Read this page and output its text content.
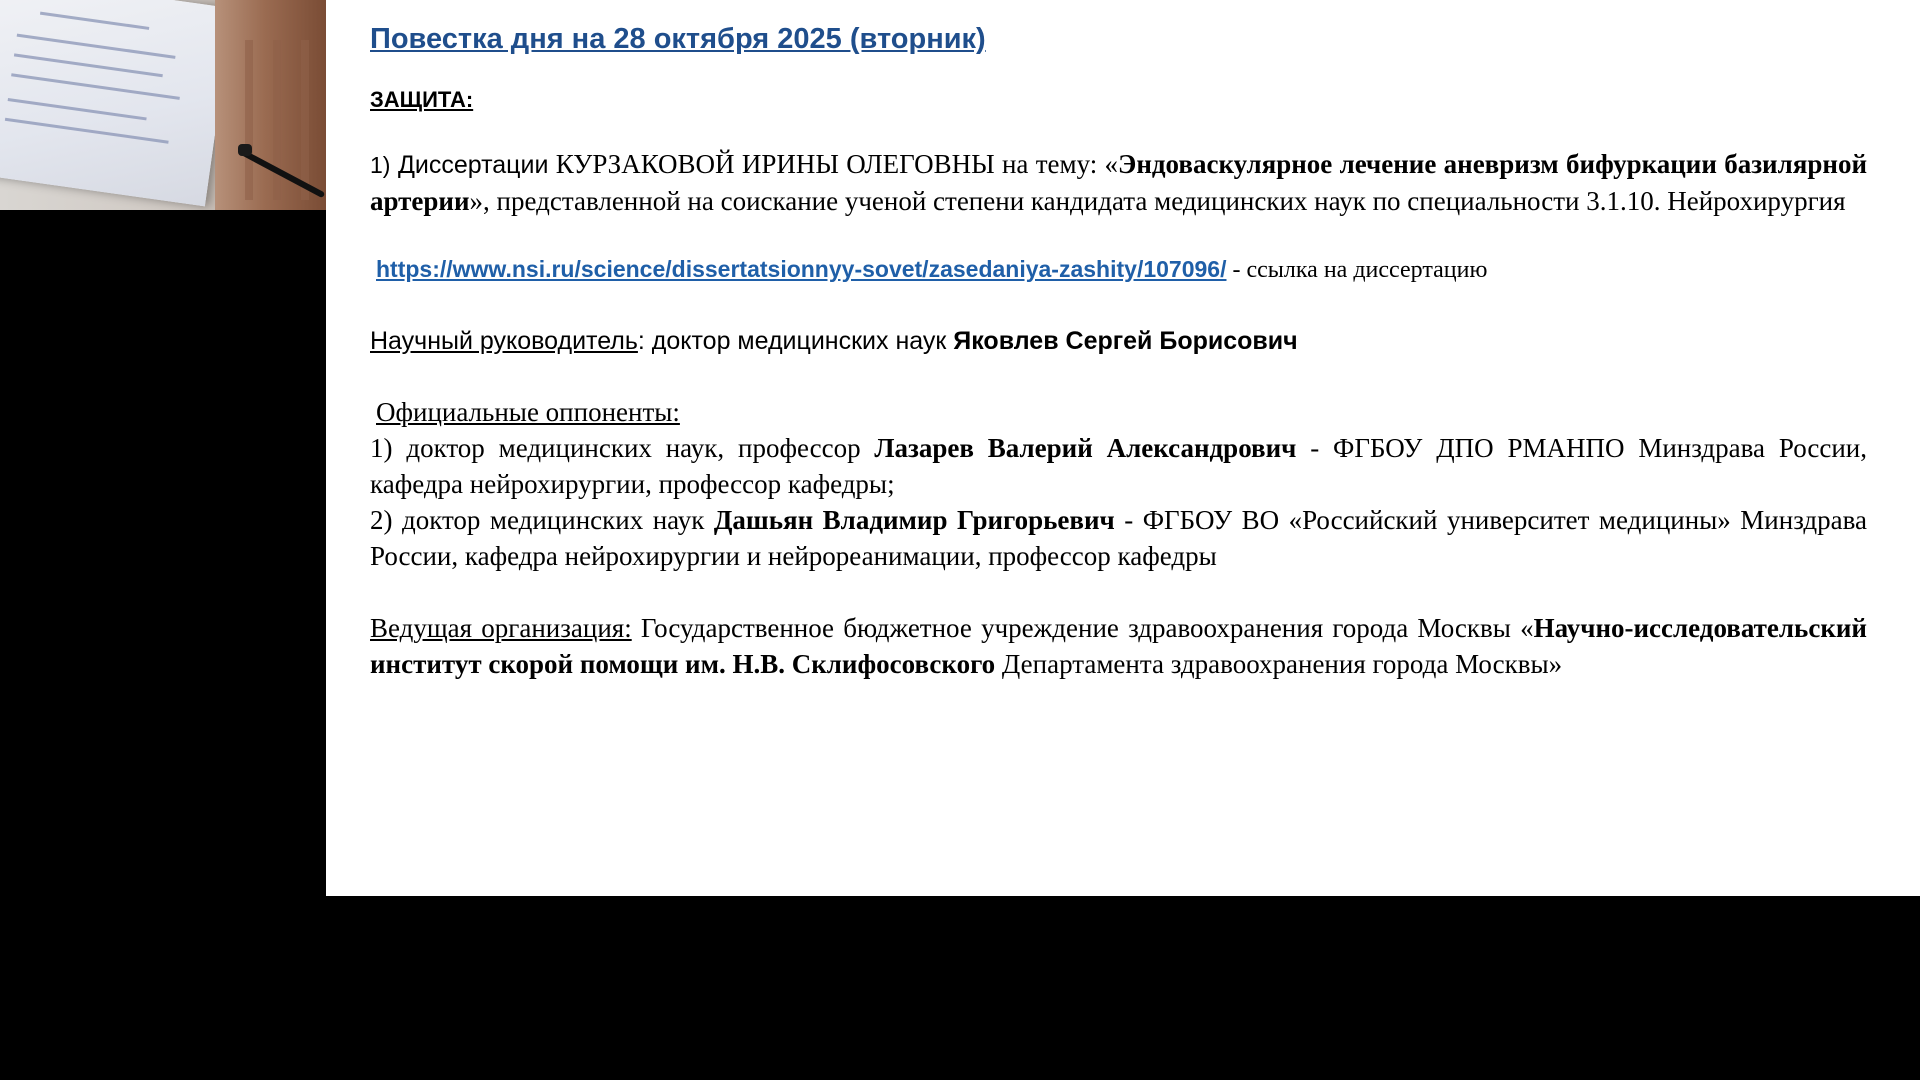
Повестка дня на 28 октября 2025 (вторник)
ЗАЩИТА:
1) Диссертации КУРЗАКОВОЙ ИРИНЫ ОЛЕГОВНЫ на тему: «Эндоваскулярное лечение аневризм бифуркации базилярной артерии», представленной на соискание ученой степени кандидата медицинских наук по специальности 3.1.10. Нейрохирургия
https://www.nsi.ru/science/dissertatsionnyy-sovet/zasedaniya-zashity/107096/ - ссылка на диссертацию
Научный руководитель: доктор медицинских наук Яковлев Сергей Борисович
Официальные оппоненты:
1) доктор медицинских наук, профессор Лазарев Валерий Александрович - ФГБОУ ДПО РМАНПО Минздрава России, кафедра нейрохирургии, профессор кафедры;
2) доктор медицинских наук Дашьян Владимир Григорьевич - ФГБОУ ВО «Российский университет медицины» Минздрава России, кафедра нейрохирургии и нейрореанимации, профессор кафедры
Ведущая организация: Государственное бюджетное учреждение здравоохранения города Москвы «Научно-исследовательский институт скорой помощи им. Н.В. Склифосовского Департамента здравоохранения города Москвы»
